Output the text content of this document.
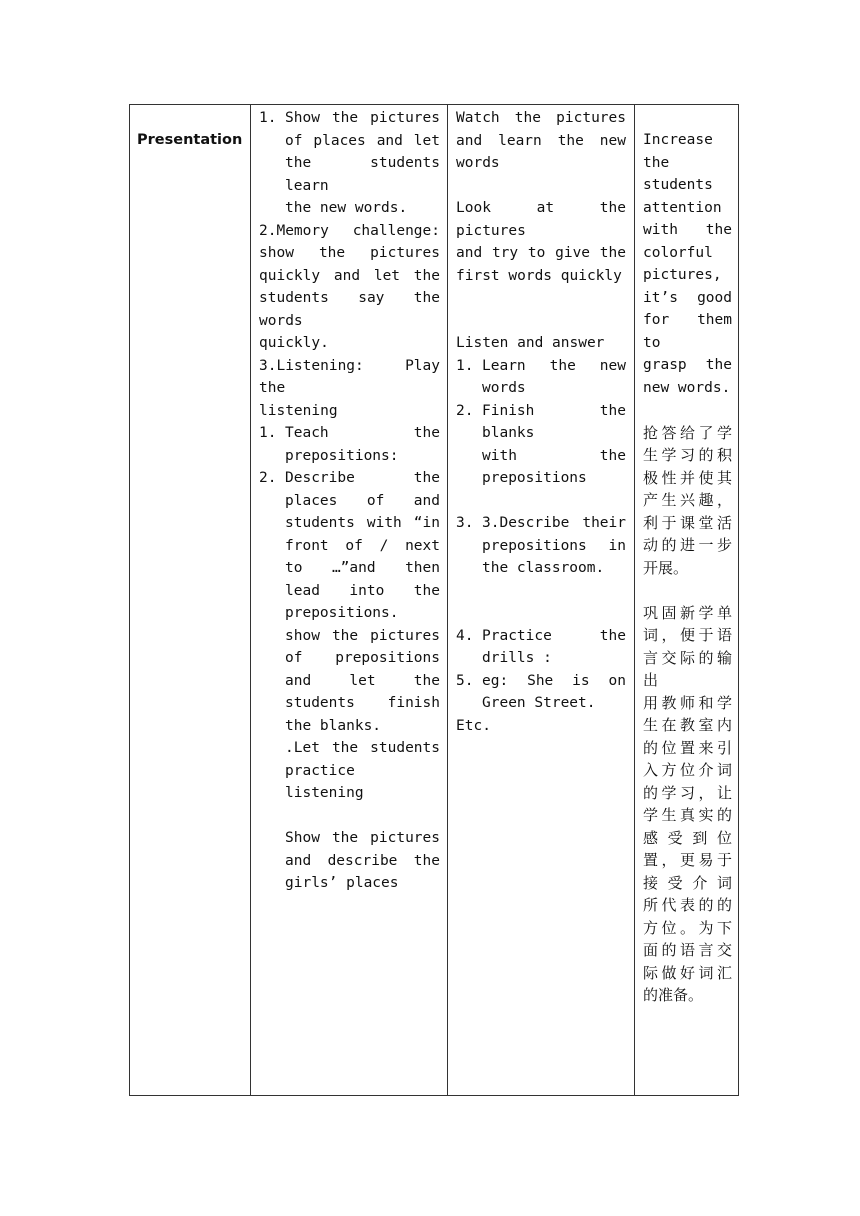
Presentation

1. Show the pictures
of places and let
the students learn
the new words.
2.Memory challenge:
show the pictures
quickly and let the
students say the words
quickly.
3.Listening: Play the
listening
1. Teach the
prepositions:
2. Describe the
places of and
students with “in
front of / next
to …”and then
lead into the
prepositions.
show the pictures
of prepositions
and let the
students finish
the blanks.
.Let the students
practice listening
Show the pictures
and describe the
girls’ places

Watch the pictures
and learn the new
words
Look at the pictures
and try to give the
first words quickly
Listen and answer
1. Learn the new
words
2. Finish the blanks
with the
prepositions
3. 3.Describe their
prepositions in
the classroom.
4. Practice the
drills :
5. eg: She is on
Green Street.
Etc.

Increase
the
students
attention
with the
colorful
pictures,
it’s good
for them to
grasp the
new words.
抢答给了学
生学习的积
极性并使其
产生兴趣，
利于课堂活
动的进一步
开展。
巩固新学单
词，便于语
言交际的输
出
用教师和学
生在教室内
的位置来引
入方位介词
的学习，让
学生真实的
感受到位
置，更易于
接受介词
所代表的的
方位。为下
面的语言交
际做好词汇
的准备。
